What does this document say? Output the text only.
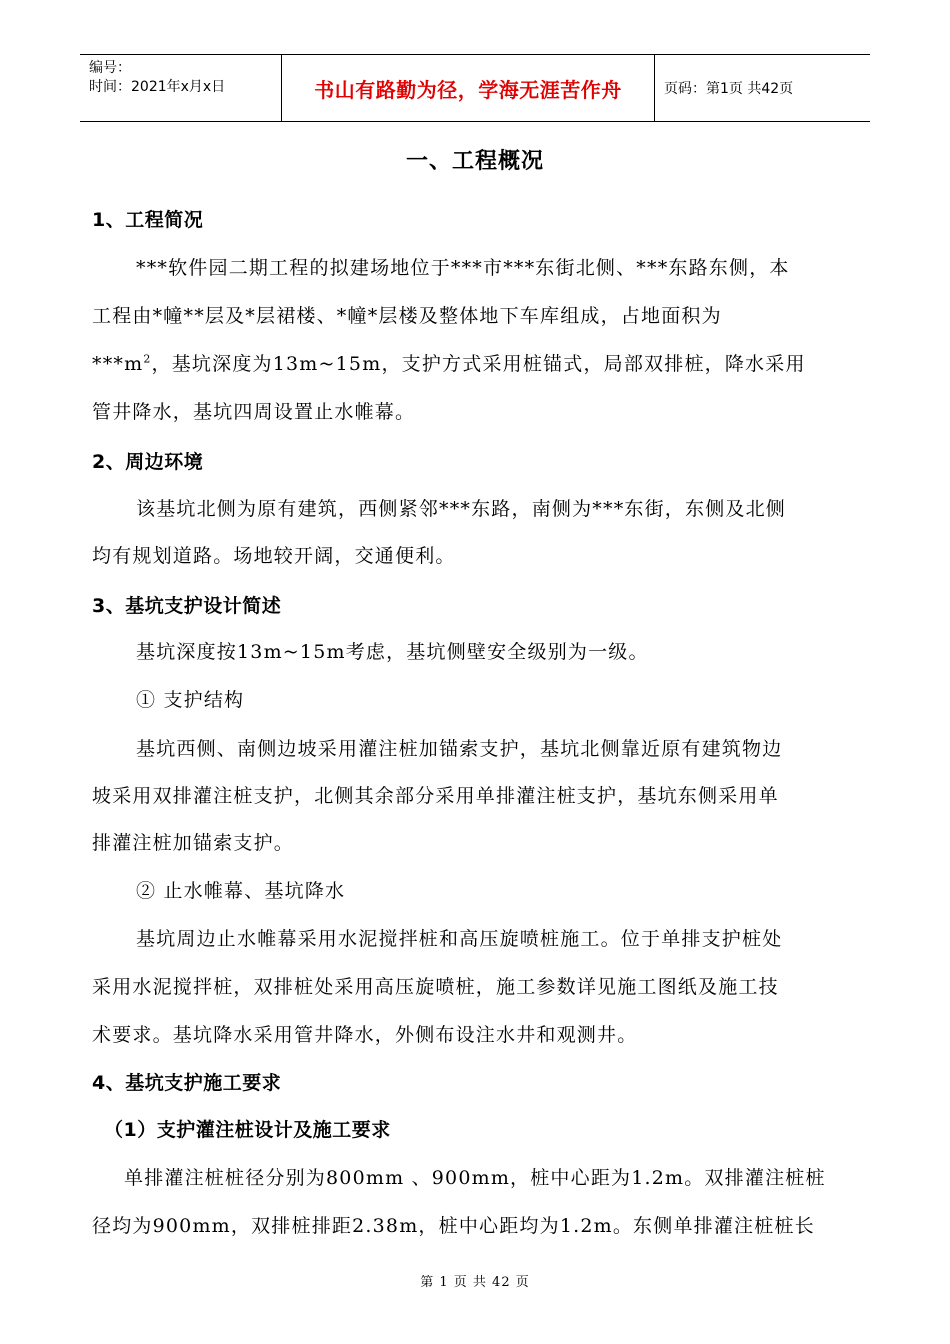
编号：
时间：2021年x月x日	书山有路勤为径，学海无涯苦作舟	页码：第1页 共42页
一、工程概况
1、工程简况
***软件园二期工程的拟建场地位于***市***东街北侧、***东路东侧，本
工程由*幢**层及*层裙楼、*幢*层楼及整体地下车库组成，占地面积为
$***m^2$，基坑深度为13m~15m，支护方式采用桩锚式，局部双排桩，降水采用
管井降水，基坑四周设置止水帷幕。
2、周边环境
该基坑北侧为原有建筑，西侧紧邻***东路，南侧为***东街，东侧及北侧
均有规划道路。场地较开阔，交通便利。
3、基坑支护设计简述
基坑深度按13m~15m考虑，基坑侧壁安全级别为一级。
① 支护结构
基坑西侧、南侧边坡采用灌注桩加锚索支护，基坑北侧靠近原有建筑物边
坡采用双排灌注桩支护，北侧其余部分采用单排灌注桩支护，基坑东侧采用单
排灌注桩加锚索支护。
② 止水帷幕、基坑降水
基坑周边止水帷幕采用水泥搅拌桩和高压旋喷桩施工。位于单排支护桩处
采用水泥搅拌桩，双排桩处采用高压旋喷桩，施工参数详见施工图纸及施工技
术要求。基坑降水采用管井降水，外侧布设注水井和观测井。
4、基坑支护施工要求
（1）支护灌注桩设计及施工要求
单排灌注桩桩径分别为800mm 、900mm，桩中心距为1.2m。双排灌注桩桩
径均为900mm，双排桩排距2.38m，桩中心距均为1.2m。东侧单排灌注桩桩长
第 1 页 共 42 页
